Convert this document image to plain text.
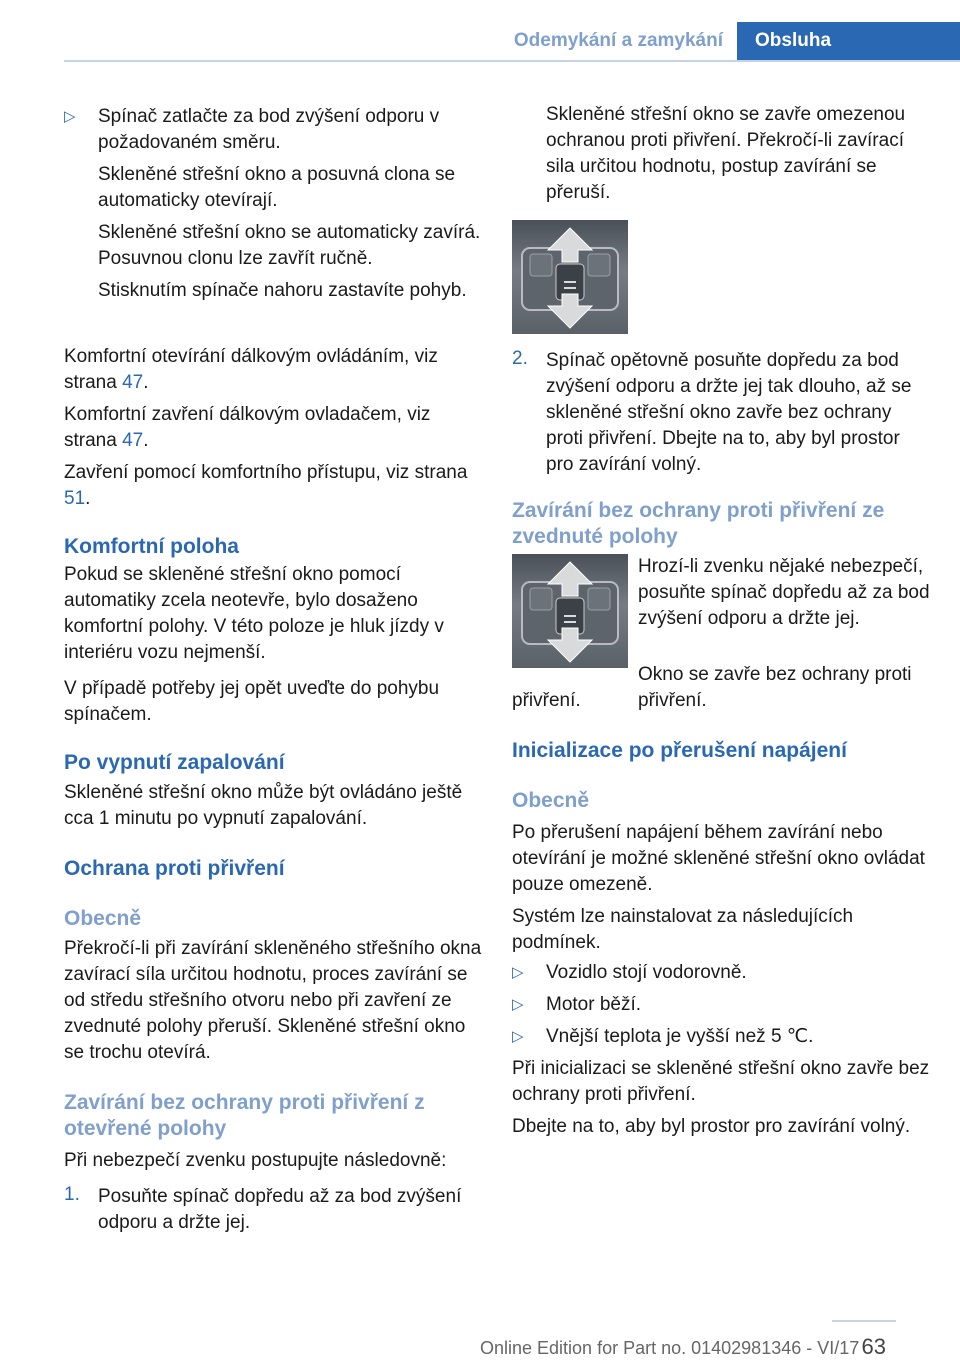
Odemykání a zamykání	Obsluha
▷ Spínač zatlačte za bod zvýšení odporu v požadovaném směru.

Skleněné střešní okno a posuvná clona se automaticky otevírají.

Skleněné střešní okno se automaticky zavírá. Posuvnou clonu lze zavřít ručně.

Stisknutím spínače nahoru zastavíte pohyb.

Komfortní otevírání dálkovým ovládáním, viz strana 47.

Komfortní zavření dálkovým ovladačem, viz strana 47.

Zavření pomocí komfortního přístupu, viz strana 51.

Komfortní poloha

Pokud se skleněné střešní okno pomocí automatiky zcela neotevře, bylo dosaženo komfortní polohy. V této poloze je hluk jízdy v interiéru vozu nejmenší.

V případě potřeby jej opět uveďte do pohybu spínačem.

Po vypnutí zapalování

Skleněné střešní okno může být ovládáno ještě cca 1 minutu po vypnutí zapalování.

Ochrana proti přivření
Obecně

Překročí-li při zavírání skleněného střešního okna zavírací síla určitou hodnotu, proces zavírání se od středu střešního otvoru nebo při zavření ze zvednuté polohy přeruší. Skleněné střešní okno se trochu otevírá.

Zavírání bez ochrany proti přivření z otevřené polohy

Při nebezpečí zvenku postupujte následovně:

1. Posuňte spínač dopředu až za bod zvýšení odporu a držte jej.

Skleněné střešní okno se zavře omezenou ochranou proti přivření. Překročí-li zavírací sila určitou hodnotu, postup zavírání se přeruší.

2. Spínač opětovně posuňte dopředu za bod zvýšení odporu a držte jej tak dlouho, až se skleněné střešní okno zavře bez ochrany proti přivření. Dbejte na to, aby byl prostor pro zavírání volný.

Zavírání bez ochrany proti přivření ze zvednuté polohy

Hrozí-li zvenku nějaké nebezpečí, posuňte spínač dopředu až za bod zvýšení odporu a držte jej.

Okno se zavře bez ochrany proti přivření.

přivření.

Inicializace po přerušení napájení
Obecně

Po přerušení napájení během zavírání nebo otevírání je možné skleněné střešní okno ovládat pouze omezeně.

Systém lze nainstalovat za následujících podmínek.

▷ Vozidlo stojí vodorovně.

▷ Motor běží.

▷ Vnější teplota je vyšší než 5 ℃.

Při inicializaci se skleněné střešní okno zavře bez ochrany proti přivření.

Dbejte na to, aby byl prostor pro zavírání volný.

63
Online Edition for Part no. 01402981346 - VI/17
